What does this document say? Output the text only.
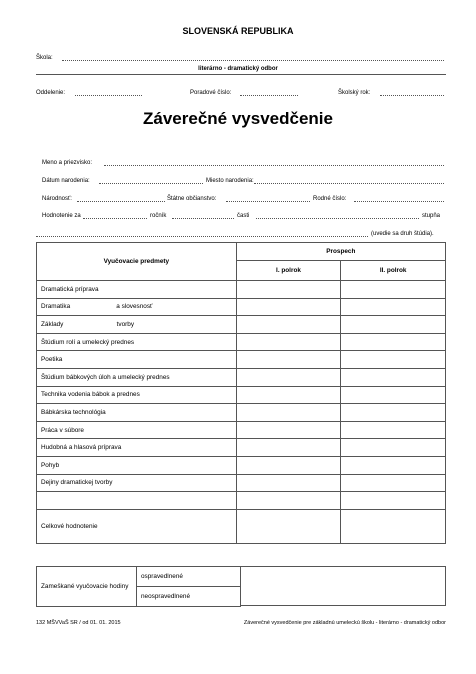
SLOVENSKÁ REPUBLIKA
Škola:
literárno - dramatický odbor
Oddelenie:	Poradové číslo:	Školský rok:
Záverečné vysvedčenie
Meno a priezvisko:
Dátum narodenia:	Miesto narodenia:
Národnosť:	Štátne občianstvo:	Rodné číslo:
Hodnotenie za	ročník	časti	stupňa
(uvedie sa druh štúdia).
Vyučovacie predmety	Prospech	
	I. polrok	II. polrok
Dramatická príprava		
Dramatika                          a slovesnosť		
Základy                              tvorby		
Štúdium rolí a umelecký prednes		
Poetika		
Štúdium bábkových úloh a umelecký prednes		
Technika vodenia bábok a prednes		
Bábkárska technológia		
Práca v súbore		
Hudobná a hlasová príprava		
Pohyb		
Dejiny dramatickej tvorby		

Celkové hodnotenie		
Zameškané vyučovacie hodiny	ospravedlnené
neospravedlnené
132 MŠVVaŠ SR / od 01. 01. 2015	Záverečné vysvedčenie pre základnú umeleckú školu - literárno - dramatický odbor
